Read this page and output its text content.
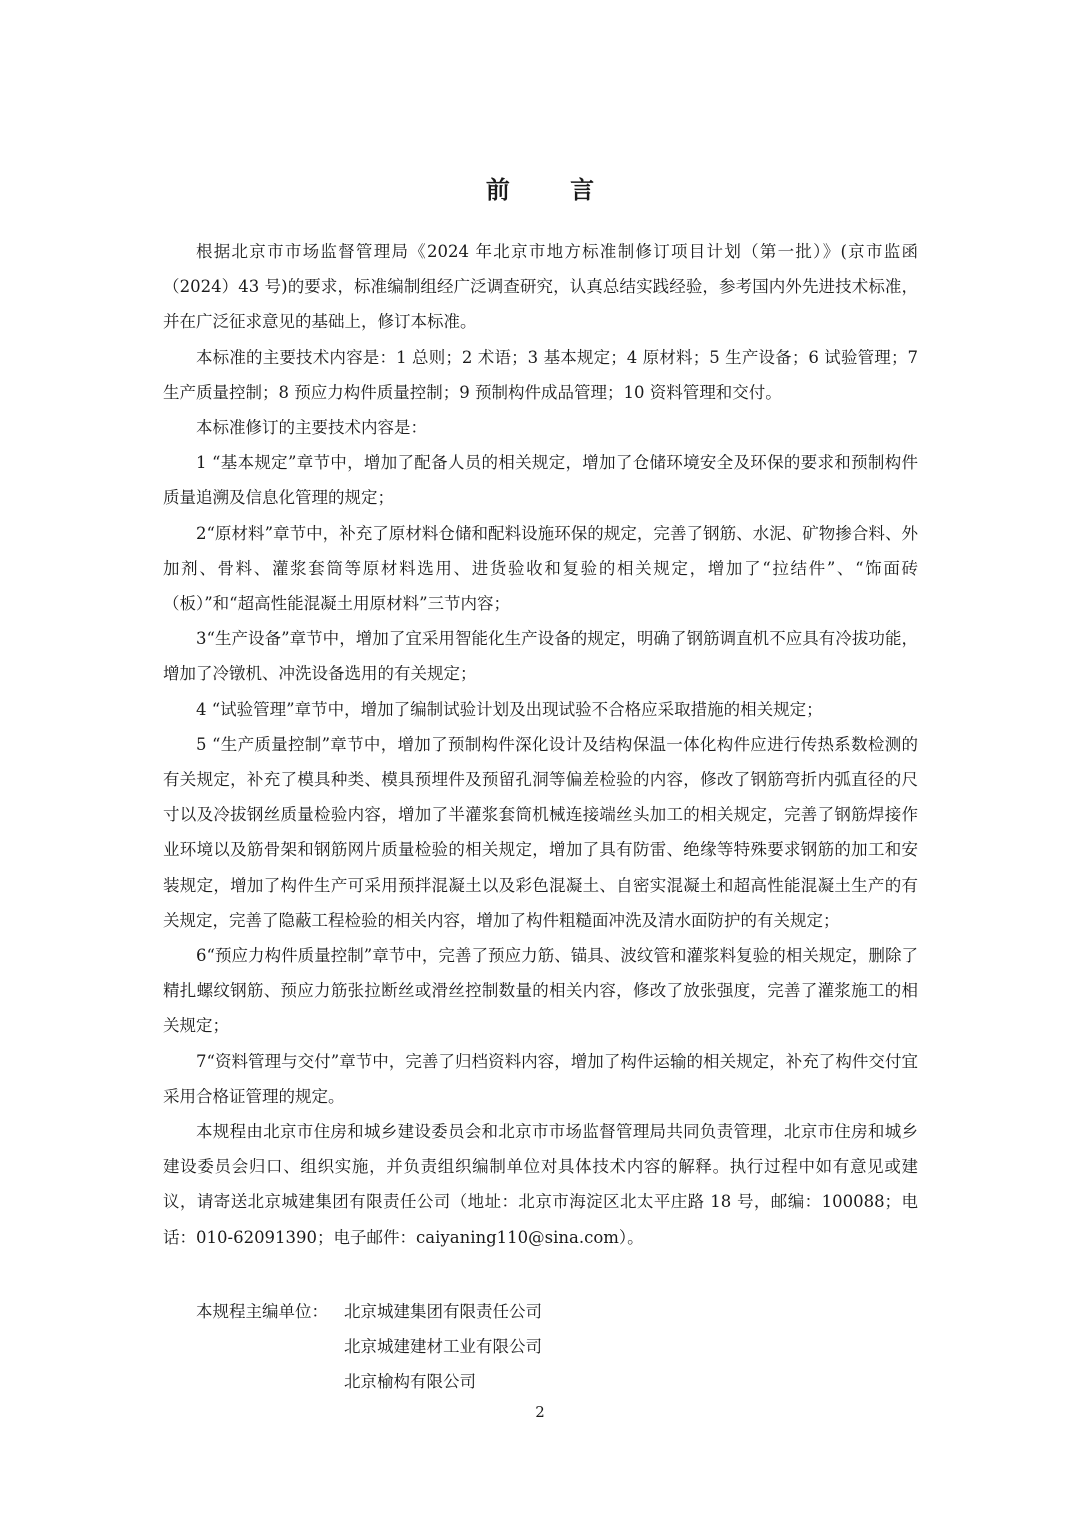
前 言

根据北京市市场监督管理局《2024 年北京市地方标准制修订项目计划（第一批）》(京市监函（2024）43 号)的要求，标准编制组经广泛调查研究，认真总结实践经验，参考国内外先进技术标准，并在广泛征求意见的基础上，修订本标准。

本标准的主要技术内容是：1 总则；2 术语；3 基本规定；4 原材料；5 生产设备；6 试验管理；7 生产质量控制；8 预应力构件质量控制；9 预制构件成品管理；10 资料管理和交付。

本标准修订的主要技术内容是：

1 “基本规定”章节中，增加了配备人员的相关规定，增加了仓储环境安全及环保的要求和预制构件质量追溯及信息化管理的规定；

2“原材料”章节中，补充了原材料仓储和配料设施环保的规定，完善了钢筋、水泥、矿物掺合料、外加剂、骨料、灌浆套筒等原材料选用、进货验收和复验的相关规定，增加了“拉结件”、“饰面砖（板）”和“超高性能混凝土用原材料”三节内容；

3“生产设备”章节中，增加了宜采用智能化生产设备的规定，明确了钢筋调直机不应具有冷拔功能，增加了冷镦机、冲洗设备选用的有关规定；

4 “试验管理”章节中，增加了编制试验计划及出现试验不合格应采取措施的相关规定；

5 “生产质量控制”章节中，增加了预制构件深化设计及结构保温一体化构件应进行传热系数检测的有关规定，补充了模具种类、模具预埋件及预留孔洞等偏差检验的内容，修改了钢筋弯折内弧直径的尺寸以及冷拔钢丝质量检验内容，增加了半灌浆套筒机械连接端丝头加工的相关规定，完善了钢筋焊接作业环境以及筋骨架和钢筋网片质量检验的相关规定，增加了具有防雷、绝缘等特殊要求钢筋的加工和安装规定，增加了构件生产可采用预拌混凝土以及彩色混凝土、自密实混凝土和超高性能混凝土生产的有关规定，完善了隐蔽工程检验的相关内容，增加了构件粗糙面冲洗及清水面防护的有关规定；

6“预应力构件质量控制”章节中，完善了预应力筋、锚具、波纹管和灌浆料复验的相关规定，删除了精扎螺纹钢筋、预应力筋张拉断丝或滑丝控制数量的相关内容，修改了放张强度，完善了灌浆施工的相关规定；

7“资料管理与交付”章节中，完善了归档资料内容，增加了构件运输的相关规定，补充了构件交付宜采用合格证管理的规定。

本规程由北京市住房和城乡建设委员会和北京市市场监督管理局共同负责管理，北京市住房和城乡建设委员会归口、组织实施，并负责组织编制单位对具体技术内容的解释。执行过程中如有意见或建议，请寄送北京城建集团有限责任公司（地址：北京市海淀区北太平庄路 18 号，邮编：100088；电话：010-62091390；电子邮件：caiyaning110@sina.com）。

本规程主编单位： 北京城建集团有限责任公司
北京城建建材工业有限公司
北京榆构有限公司
2
